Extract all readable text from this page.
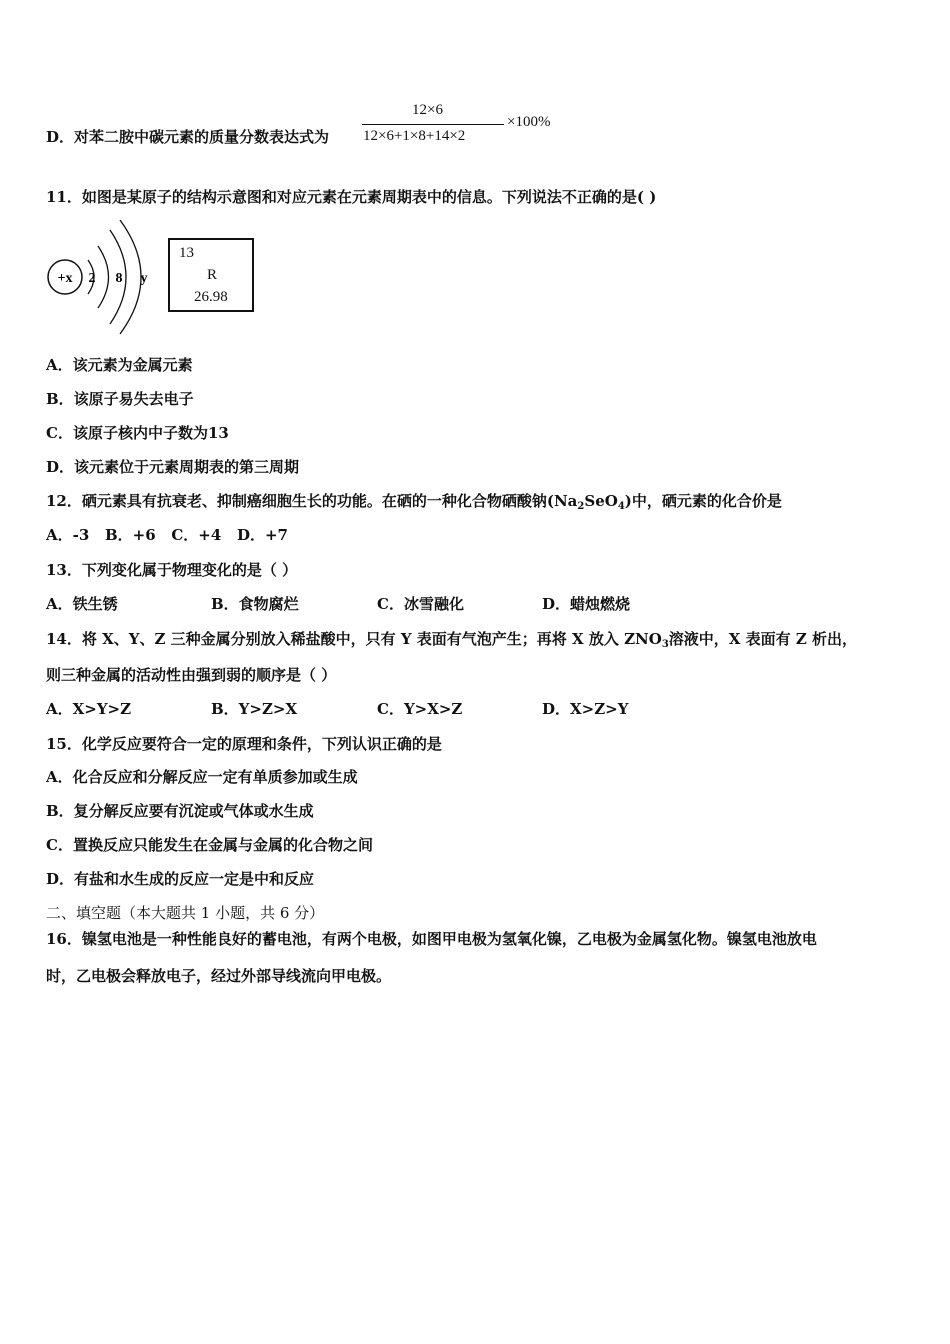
D．对苯二胺中碳元素的质量分数表达式为
12×6
12×6+1×8+14×2
×100%
11．如图是某原子的结构示意图和对应元素在元素周期表中的信息。下列说法不正确的是( )
+x 2 8 y
13
R
26.98
A．该元素为金属元素
B．该原子易失去电子
C．该原子核内中子数为13
D．该元素位于元素周期表的第三周期
12．硒元素具有抗衰老、抑制癌细胞生长的功能。在硒的一种化合物硒酸钠$(Na_2SeO_4)$中，硒元素的化合价是
A．-3 B．+6 C．+4 D．+7
13．下列变化属于物理变化的是（ ）
A．铁生锈	B．食物腐烂	C．冰雪融化	D．蜡烛燃烧
14．将 X、Y、Z 三种金属分别放入稀盐酸中，只有 Y 表面有气泡产生；再将 X 放入 $ZNO_3$溶液中，X 表面有 Z 析出，
则三种金属的活动性由强到弱的顺序是（ ）
A．X>Y>Z	B．Y>Z>X	C．Y>X>Z	D．X>Z>Y
15．化学反应要符合一定的原理和条件，下列认识正确的是
A．化合反应和分解反应一定有单质参加或生成
B．复分解反应要有沉淀或气体或水生成
C．置换反应只能发生在金属与金属的化合物之间
D．有盐和水生成的反应一定是中和反应
二、填空题（本大题共 1 小题，共 6 分）
16．镍氢电池是一种性能良好的蓄电池，有两个电极，如图甲电极为氢氧化镍，乙电极为金属氢化物。镍氢电池放电
时，乙电极会释放电子，经过外部导线流向甲电极。
